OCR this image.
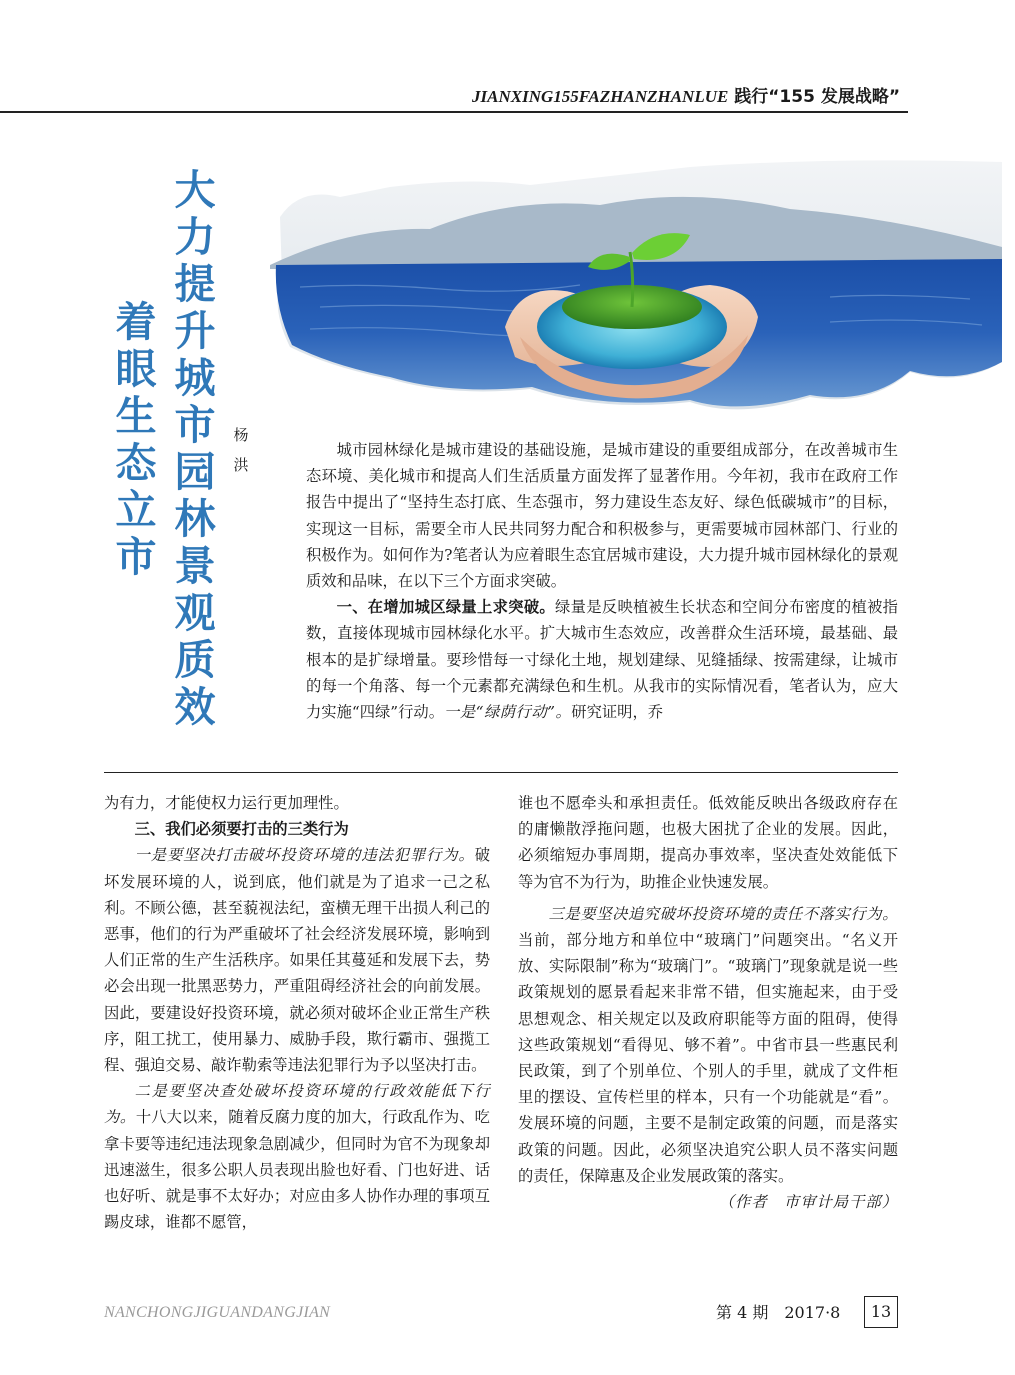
JIANXING155FAZHANZHANLUE 践行“155 发展战略”
大
力
提
升
城
市
园
林
景
观
质
效
着
眼
生
态
立
市
杨
洪

城市园林绿化是城市建设的基础设施，是城市建设的重要组成部分，在改善城市生态环境、美化城市和提高人们生活质量方面发挥了显著作用。今年初，我市在政府工作报告中提出了“坚持生态打底、生态强市，努力建设生态友好、绿色低碳城市”的目标，实现这一目标，需要全市人民共同努力配合和积极参与，更需要城市园林部门、行业的积极作为。如何作为?笔者认为应着眼生态宜居城市建设，大力提升城市园林绿化的景观质效和品味，在以下三个方面求突破。

一、在增加城区绿量上求突破。绿量是反映植被生长状态和空间分布密度的植被指数，直接体现城市园林绿化水平。扩大城市生态效应，改善群众生活环境，最基础、最根本的是扩绿增量。要珍惜每一寸绿化土地，规划建绿、见缝插绿、按需建绿，让城市的每一个角落、每一个元素都充满绿色和生机。从我市的实际情况看，笔者认为，应大力实施“四绿”行动。一是“绿荫行动”。研究证明，乔

为有力，才能使权力运行更加理性。

三、我们必须要打击的三类行为

一是要坚决打击破坏投资环境的违法犯罪行为。破坏发展环境的人，说到底，他们就是为了追求一己之私利。不顾公德，甚至藐视法纪，蛮横无理干出损人利己的恶事，他们的行为严重破坏了社会经济发展环境，影响到人们正常的生产生活秩序。如果任其蔓延和发展下去，势必会出现一批黑恶势力，严重阻碍经济社会的向前发展。因此，要建设好投资环境，就必须对破坏企业正常生产秩序，阻工扰工，使用暴力、威胁手段，欺行霸市、强揽工程、强迫交易、敲诈勒索等违法犯罪行为予以坚决打击。

二是要坚决查处破坏投资环境的行政效能低下行为。十八大以来，随着反腐力度的加大，行政乱作为、吃拿卡要等违纪违法现象急剧减少，但同时为官不为现象却迅速滋生，很多公职人员表现出脸也好看、门也好进、话也好听、就是事不太好办；对应由多人协作办理的事项互踢皮球，谁都不愿管，

谁也不愿牵头和承担责任。低效能反映出各级政府存在的庸懒散浮拖问题，也极大困扰了企业的发展。因此，必须缩短办事周期，提高办事效率，坚决查处效能低下等为官不为行为，助推企业快速发展。

三是要坚决追究破坏投资环境的责任不落实行为。当前，部分地方和单位中“玻璃门”问题突出。“名义开放、实际限制”称为“玻璃门”。“玻璃门”现象就是说一些政策规划的愿景看起来非常不错，但实施起来，由于受思想观念、相关规定以及政府职能等方面的阻碍，使得这些政策规划“看得见、够不着”。中省市县一些惠民利民政策，到了个别单位、个别人的手里，就成了文件柜里的摆设、宣传栏里的样本，只有一个功能就是“看”。发展环境的问题，主要不是制定政策的问题，而是落实政策的问题。因此，必须坚决追究公职人员不落实问题的责任，保障惠及企业发展政策的落实。

（作者　市审计局干部）

NANCHONGJIGUANDANGJIAN	第 4 期　2017·8	13
